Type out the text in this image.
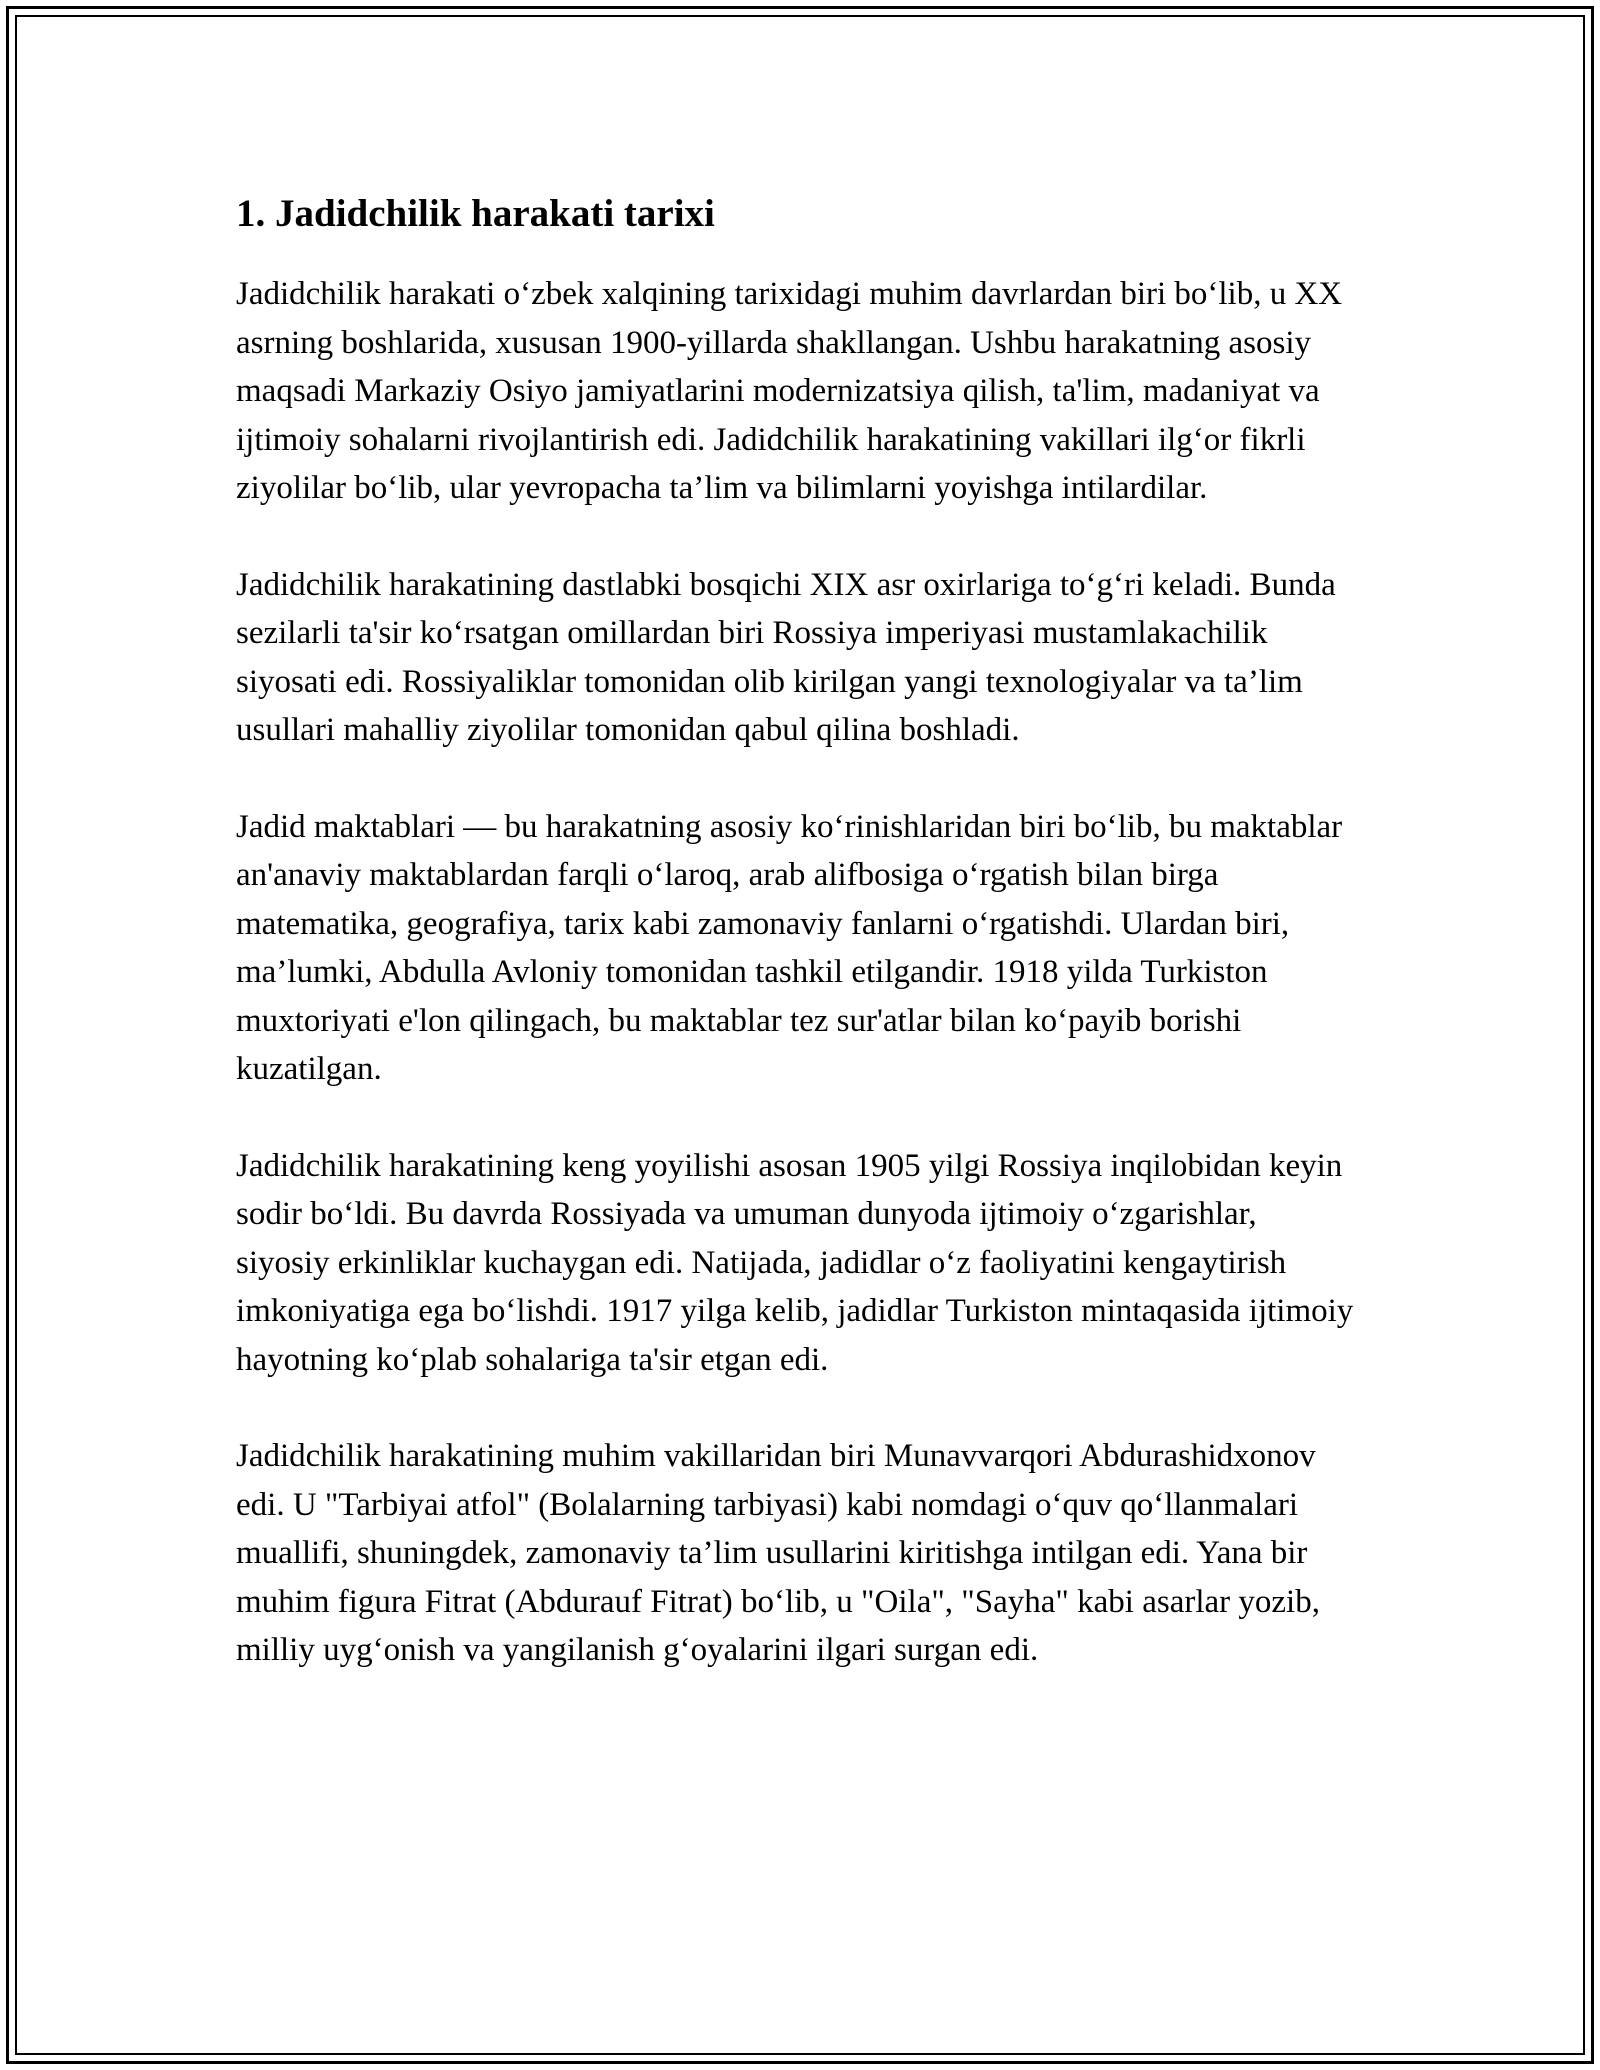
1. Jadidchilik harakati tarixi

Jadidchilik harakati o‘zbek xalqining tarixidagi muhim davrlardan biri bo‘lib, u XX asrning boshlarida, xususan 1900-yillarda shakllangan. Ushbu harakatning asosiy maqsadi Markaziy Osiyo jamiyatlarini modernizatsiya qilish, ta'lim, madaniyat va ijtimoiy sohalarni rivojlantirish edi. Jadidchilik harakatining vakillari ilg‘or fikrli ziyolilar bo‘lib, ular yevropacha ta’lim va bilimlarni yoyishga intilardilar.

Jadidchilik harakatining dastlabki bosqichi XIX asr oxirlariga to‘g‘ri keladi. Bunda sezilarli ta'sir ko‘rsatgan omillardan biri Rossiya imperiyasi mustamlakachilik siyosati edi. Rossiyaliklar tomonidan olib kirilgan yangi texnologiyalar va ta’lim usullari mahalliy ziyolilar tomonidan qabul qilina boshladi.

Jadid maktablari — bu harakatning asosiy ko‘rinishlaridan biri bo‘lib, bu maktablar an'anaviy maktablardan farqli o‘laroq, arab alifbosiga o‘rgatish bilan birga matematika, geografiya, tarix kabi zamonaviy fanlarni o‘rgatishdi. Ulardan biri, ma’lumki, Abdulla Avloniy tomonidan tashkil etilgandir. 1918 yilda Turkiston muxtoriyati e'lon qilingach, bu maktablar tez sur'atlar bilan ko‘payib borishi kuzatilgan.

Jadidchilik harakatining keng yoyilishi asosan 1905 yilgi Rossiya inqilobidan keyin sodir bo‘ldi. Bu davrda Rossiyada va umuman dunyoda ijtimoiy o‘zgarishlar, siyosiy erkinliklar kuchaygan edi. Natijada, jadidlar o‘z faoliyatini kengaytirish imkoniyatiga ega bo‘lishdi. 1917 yilga kelib, jadidlar Turkiston mintaqasida ijtimoiy hayotning ko‘plab sohalariga ta'sir etgan edi.

Jadidchilik harakatining muhim vakillaridan biri Munavvarqori Abdurashidxonov edi. U "Tarbiyai atfol" (Bolalarning tarbiyasi) kabi nomdagi o‘quv qo‘llanmalari muallifi, shuningdek, zamonaviy ta’lim usullarini kiritishga intilgan edi. Yana bir muhim figura Fitrat (Abdurauf Fitrat) bo‘lib, u "Oila", "Sayha" kabi asarlar yozib, milliy uyg‘onish va yangilanish g‘oyalarini ilgari surgan edi.
